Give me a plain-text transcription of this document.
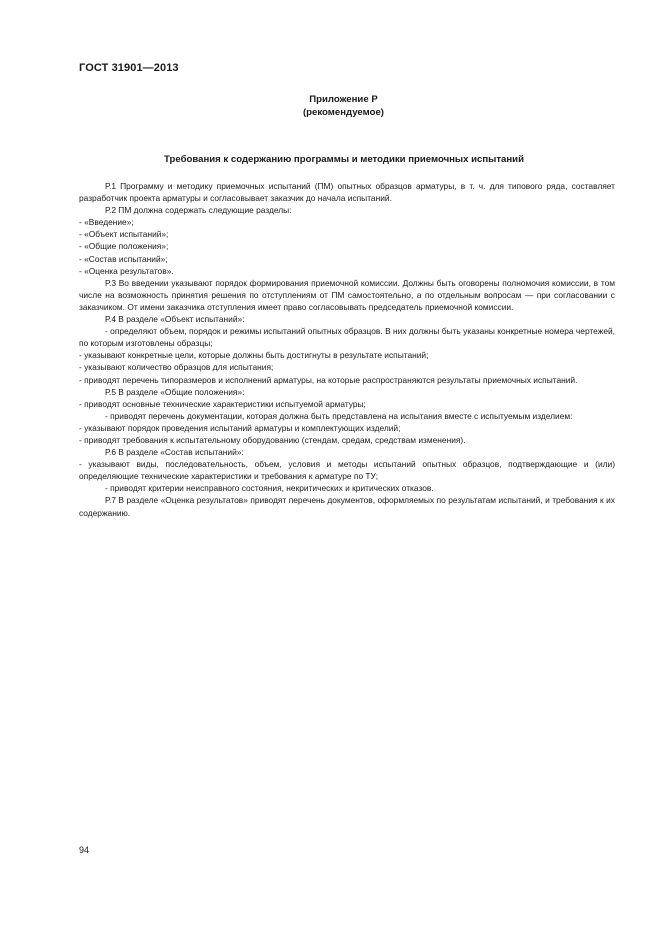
ГОСТ 31901—2013
Приложение Р
(рекомендуемое)
Требования к содержанию программы и методики приемочных испытаний

Р.1 Программу и методику приемочных испытаний (ПМ) опытных образцов арматуры, в т. ч. для типового ряда, составляет разработчик проекта арматуры и согласовывает заказчик до начала испытаний.

Р.2 ПМ должна содержать следующие разделы:

- «Введение»;

- «Объект испытаний»;

- «Общие положения»;

- «Состав испытаний»;

- «Оценка результатов».

Р.3 Во введении указывают порядок формирования приемочной комиссии. Должны быть оговорены полномочия комиссии, в том числе на возможность принятия решения по отступлениям от ПМ самостоятельно, а по отдельным вопросам — при согласовании с заказчиком. От имени заказчика отступления имеет право согласовывать председатель приемочной комиссии.

Р.4 В разделе «Объект испытаний»:

- определяют объем, порядок и режимы испытаний опытных образцов. В них должны быть указаны конкретные номера чертежей, по которым изготовлены образцы;

- указывают конкретные цели, которые должны быть достигнуты в результате испытаний;

- указывают количество образцов для испытания;

- приводят перечень типоразмеров и исполнений арматуры, на которые распространяются результаты приемочных испытаний.

Р.5 В разделе «Общие положения»:

- приводят основные технические характеристики испытуемой арматуры;

- приводят перечень документации, которая должна быть представлена на испытания вместе с испытуемым изделием:

- указывают порядок проведения испытаний арматуры и комплектующих изделий;

- приводят требования к испытательному оборудованию (стендам, средам, средствам изменения).

Р.6 В разделе «Состав испытаний»:

- указывают виды, последовательность, объем, условия и методы испытаний опытных образцов, подтверждающие и (или) определяющие технические характеристики и требования к арматуре по ТУ;

- приводят критерии неисправного состояния, некритических и критических отказов.

Р.7 В разделе «Оценка результатов» приводят перечень документов, оформляемых по результатам испытаний, и требования к их содержанию.

94
